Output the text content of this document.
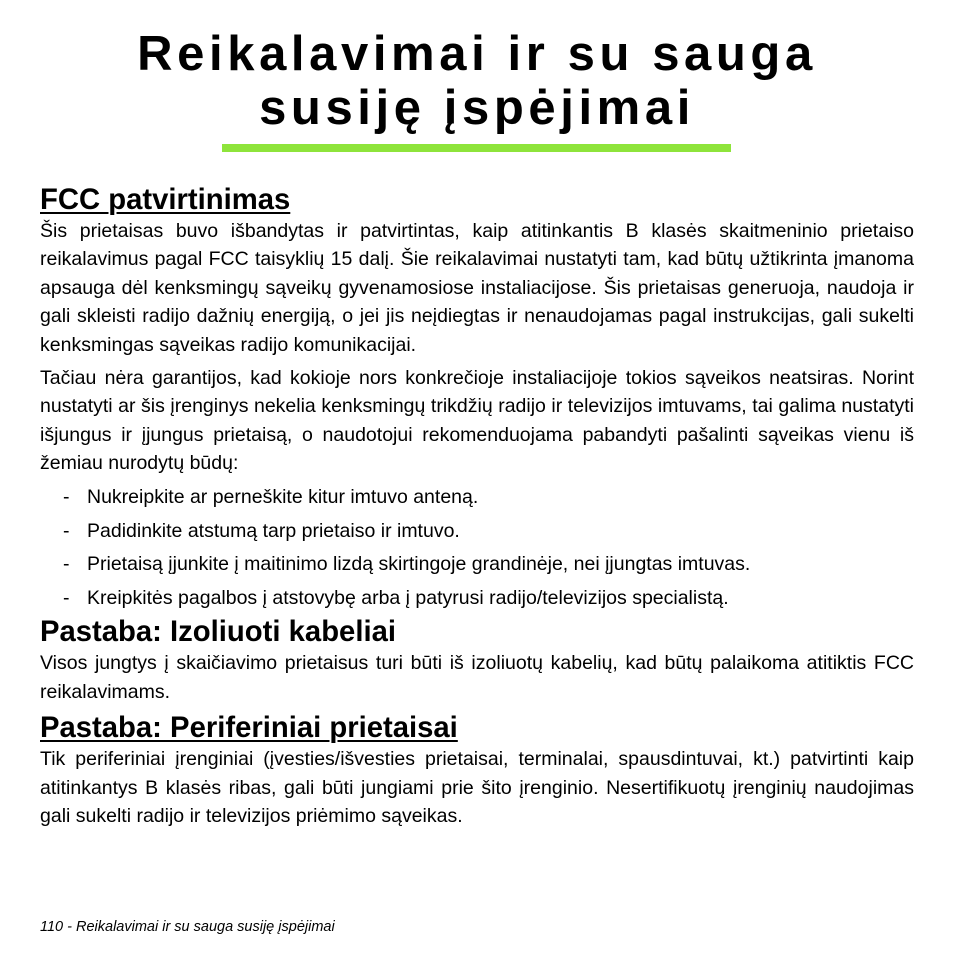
Reikalavimai ir su sauga
susiję įspėjimai
FCC patvirtinimas

Šis prietaisas buvo išbandytas ir patvirtintas, kaip atitinkantis B klasės skaitmeninio prietaiso reikalavimus pagal FCC taisyklių 15 dalį. Šie reikalavimai nustatyti tam, kad būtų užtikrinta įmanoma apsauga dėl kenksmingų sąveikų gyvenamosiose instaliacijose. Šis prietaisas generuoja, naudoja ir gali skleisti radijo dažnių energiją, o jei jis neįdiegtas ir nenaudojamas pagal instrukcijas, gali sukelti kenksmingas sąveikas radijo komunikacijai.

Tačiau nėra garantijos, kad kokioje nors konkrečioje instaliacijoje tokios sąveikos neatsiras. Norint nustatyti ar šis įrenginys nekelia kenksmingų trikdžių radijo ir televizijos imtuvams, tai galima nustatyti išjungus ir įjungus prietaisą, o naudotojui rekomenduojama pabandyti pašalinti sąveikas vienu iš žemiau nurodytų būdų:

- Nukreipkite ar perneškite kitur imtuvo anteną.
- Padidinkite atstumą tarp prietaiso ir imtuvo.
- Prietaisą įjunkite į maitinimo lizdą skirtingoje grandinėje, nei įjungtas imtuvas.
- Kreipkitės pagalbos į atstovybę arba į patyrusi radijo/televizijos specialistą.
Pastaba: Izoliuoti kabeliai

Visos jungtys į skaičiavimo prietaisus turi būti iš izoliuotų kabelių, kad būtų palaikoma atitiktis FCC reikalavimams.

Pastaba: Periferiniai prietaisai

Tik periferiniai įrenginiai (įvesties/išvesties prietaisai, terminalai, spausdintuvai, kt.) patvirtinti kaip atitinkantys B klasės ribas, gali būti jungiami prie šito įrenginio. Nesertifikuotų įrenginių naudojimas gali sukelti radijo ir televizijos priėmimo sąveikas.

110 - Reikalavimai ir su sauga susiję įspėjimai
